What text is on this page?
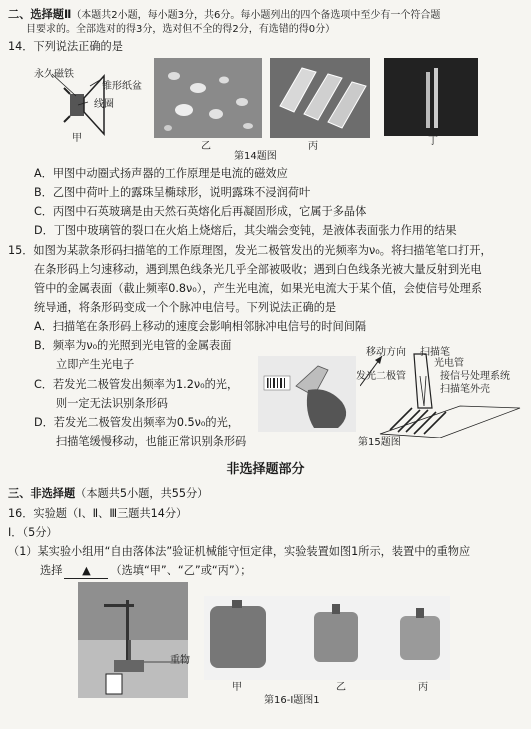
二、选择题Ⅱ（本题共2小题，每小题3分，共6分。每小题列出的四个备选项中至少有一个符合题
目要求的。全部选对的得3分，选对但不全的得2分，有选错的得0分）
14．下列说法正确的是
永久磁铁
锥形纸盆
线圈
甲
乙	丙	丁
第14题图
A．甲图中动圈式扬声器的工作原理是电流的磁效应
B．乙图中荷叶上的露珠呈椭球形，说明露珠不浸润荷叶
C．丙图中石英玻璃是由天然石英熔化后再凝固形成，它属于多晶体
D．丁图中玻璃管的裂口在火焰上烧熔后，其尖端会变钝，是液体表面张力作用的结果
15．如图为某款条形码扫描笔的工作原理图，发光二极管发出的光频率为ν₀。将扫描笔笔口打开，
在条形码上匀速移动，遇到黑色线条光几乎全部被吸收；遇到白色线条光被大量反射到光电
管中的金属表面（截止频率0.8ν₀），产生光电流，如果光电流大于某个值，会使信号处理系
统导通，将条形码变成一个个脉冲电信号。下列说法正确的是
A．扫描笔在条形码上移动的速度会影响相邻脉冲电信号的时间间隔
B．频率为ν₀的光照到光电管的金属表面
立即产生光电子
C．若发光二极管发出频率为1.2ν₀的光，
则一定无法识别条形码
D．若发光二极管发出频率为0.5ν₀的光，
扫描笔缓慢移动，也能正常识别条形码
移动方向 扫描笔
光电管
发光二极管	接信号处理系统
扫描笔外壳
第15题图
非选择题部分
三、非选择题（本题共5小题，共55分）
16．实验题（Ⅰ、Ⅱ、Ⅲ三题共14分）
Ⅰ．（5分）
（1）某实验小组用“自由落体法”验证机械能守恒定律，实验装置如图1所示，装置中的重物应
选择 ▲ （选填“甲”、“乙”或“丙”）；
重物
甲	乙	丙
第16-Ⅰ题图1
